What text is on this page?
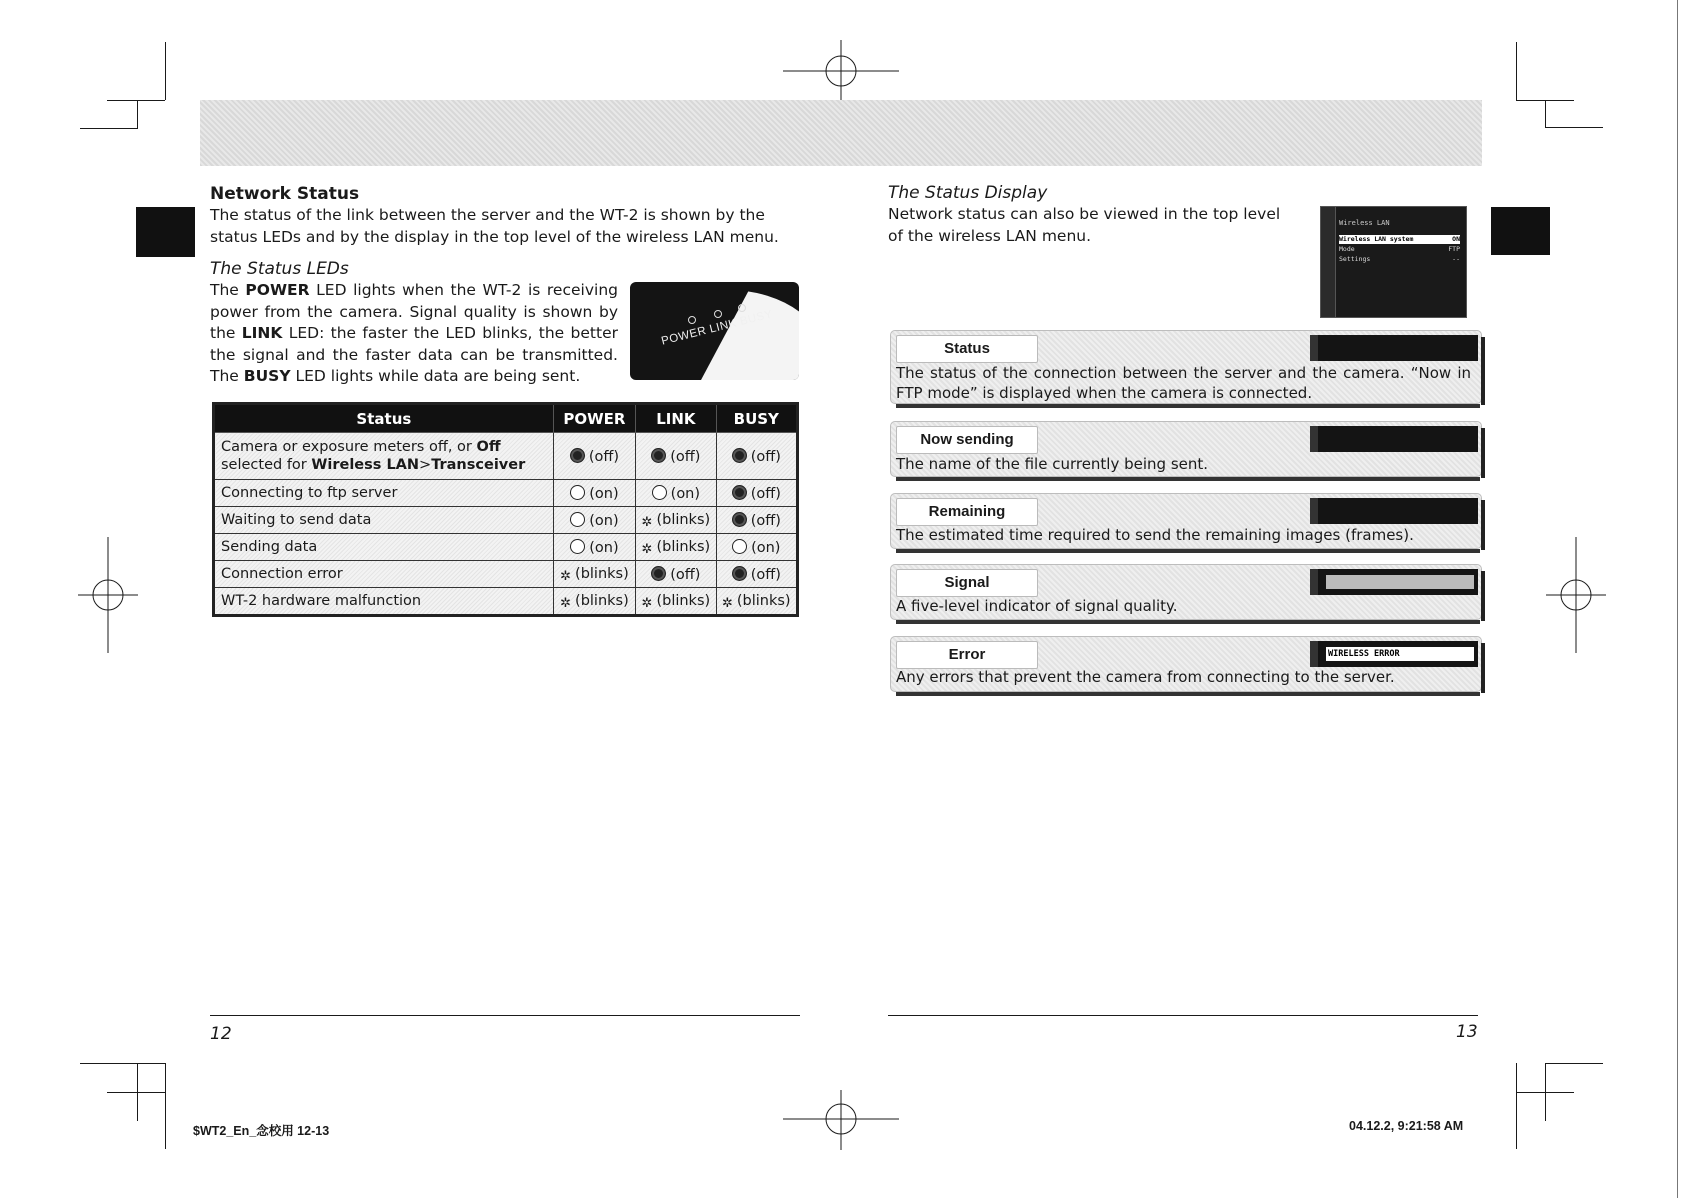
Network Status
The status of the link between the server and the WT-2 is shown by the status LEDs and by the display in the top level of the wireless LAN menu.
The Status LEDs
The POWER LED lights when the WT-2 is receiving power from the camera. Signal quality is shown by the LINK LED: the faster the LED blinks, the better the signal and the faster data can be transmitted. The BUSY LED lights while data are being sent.
POWER LINK BUSY
Status	POWER	LINK	BUSY
Camera or exposure meters off, or Off selected for Wireless LAN>Transceiver	(off)	(off)	(off)
Connecting to ftp server	(on)	(on)	(off)
Waiting to send data	(on)	✲ (blinks)	(off)
Sending data	(on)	✲ (blinks)	(on)
Connection error	✲ (blinks)	(off)	(off)
WT-2 hardware malfunction	✲ (blinks)	✲ (blinks)	✲ (blinks)
The Status Display
Network status can also be viewed in the top level of the wireless LAN menu.
Wireless LAN
Wireless LAN system	ON
Mode	FTP
Settings	--
Status
The status of the connection between the server and the camera. “Now in FTP mode” is displayed when the camera is connected.
Now sending
The name of the file currently being sent.
Remaining
The estimated time required to send the remaining images (frames).
Signal
A five-level indicator of signal quality.
Error	WIRELESS ERROR
Any errors that prevent the camera from connecting to the server.
12	13
$WT2_En_念校用 12-13	04.12.2, 9:21:58 AM
